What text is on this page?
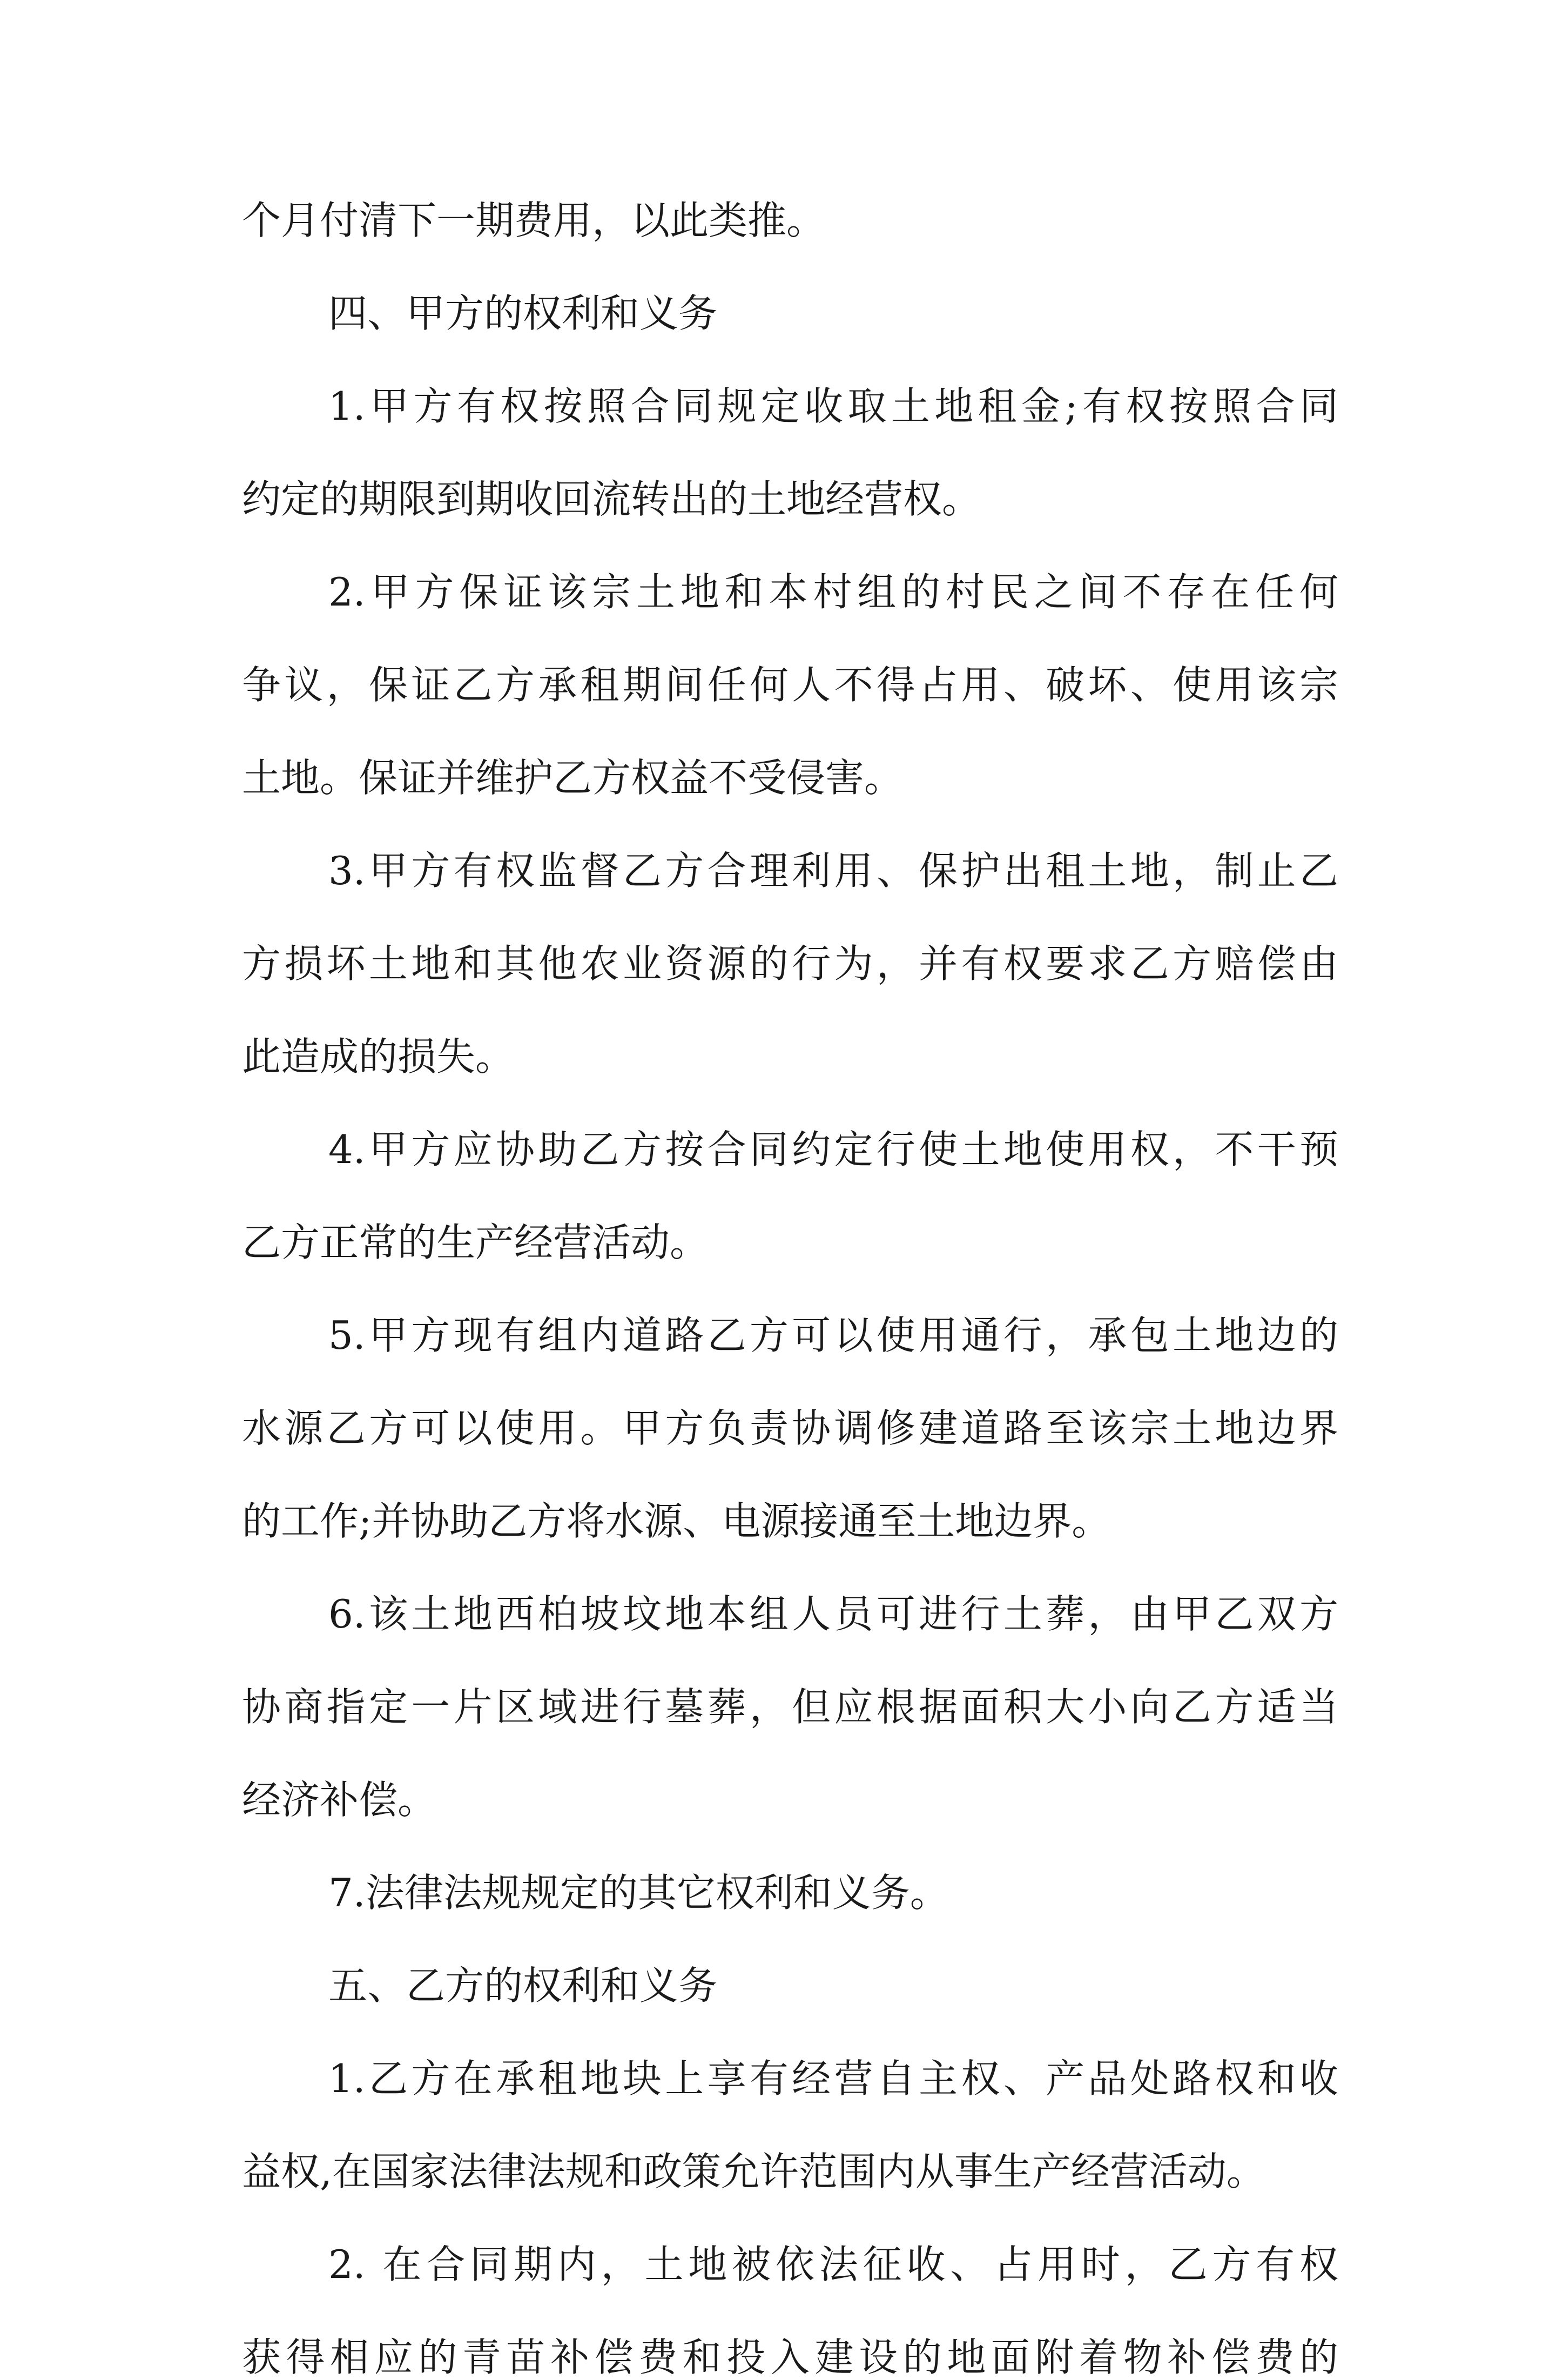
个月付清下一期费用，以此类推。
四、甲方的权利和义务
1.甲方有权按照合同规定收取土地租金;有权按照合同
约定的期限到期收回流转出的土地经营权。
2.甲方保证该宗土地和本村组的村民之间不存在任何
争议，保证乙方承租期间任何人不得占用、破坏、使用该宗
土地。保证并维护乙方权益不受侵害。
3.甲方有权监督乙方合理利用、保护出租土地，制止乙
方损坏土地和其他农业资源的行为，并有权要求乙方赔偿由
此造成的损失。
4.甲方应协助乙方按合同约定行使土地使用权，不干预
乙方正常的生产经营活动。
5.甲方现有组内道路乙方可以使用通行，承包土地边的
水源乙方可以使用。甲方负责协调修建道路至该宗土地边界
的工作;并协助乙方将水源、电源接通至土地边界。
6.该土地西柏坡坟地本组人员可进行土葬，由甲乙双方
协商指定一片区域进行墓葬，但应根据面积大小向乙方适当
经济补偿。
7.法律法规规定的其它权利和义务。
五、乙方的权利和义务
1.乙方在承租地块上享有经营自主权、产品处路权和收
益权,在国家法律法规和政策允许范围内从事生产经营活动。
2. 在合同期内，土地被依法征收、占用时，乙方有权
获得相应的青苗补偿费和投入建设的地面附着物补偿费的
